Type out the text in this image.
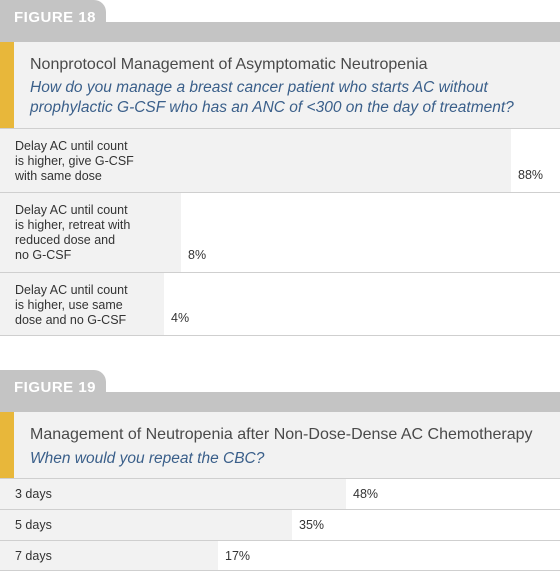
FIGURE 18
Nonprotocol Management of Asymptomatic Neutropenia
How do you manage a breast cancer patient who starts AC without
prophylactic G-CSF who has an ANC of <300 on the day of treatment?
Delay AC until count
is higher, give G-CSF
with same dose	88%
Delay AC until count
is higher, retreat with
reduced dose and
no G-CSF	8%
Delay AC until count
is higher, use same
dose and no G-CSF	4%
FIGURE 19
Management of Neutropenia after Non-Dose-Dense AC Chemotherapy
When would you repeat the CBC?
3 days	48%
5 days	35%
7 days	17%
